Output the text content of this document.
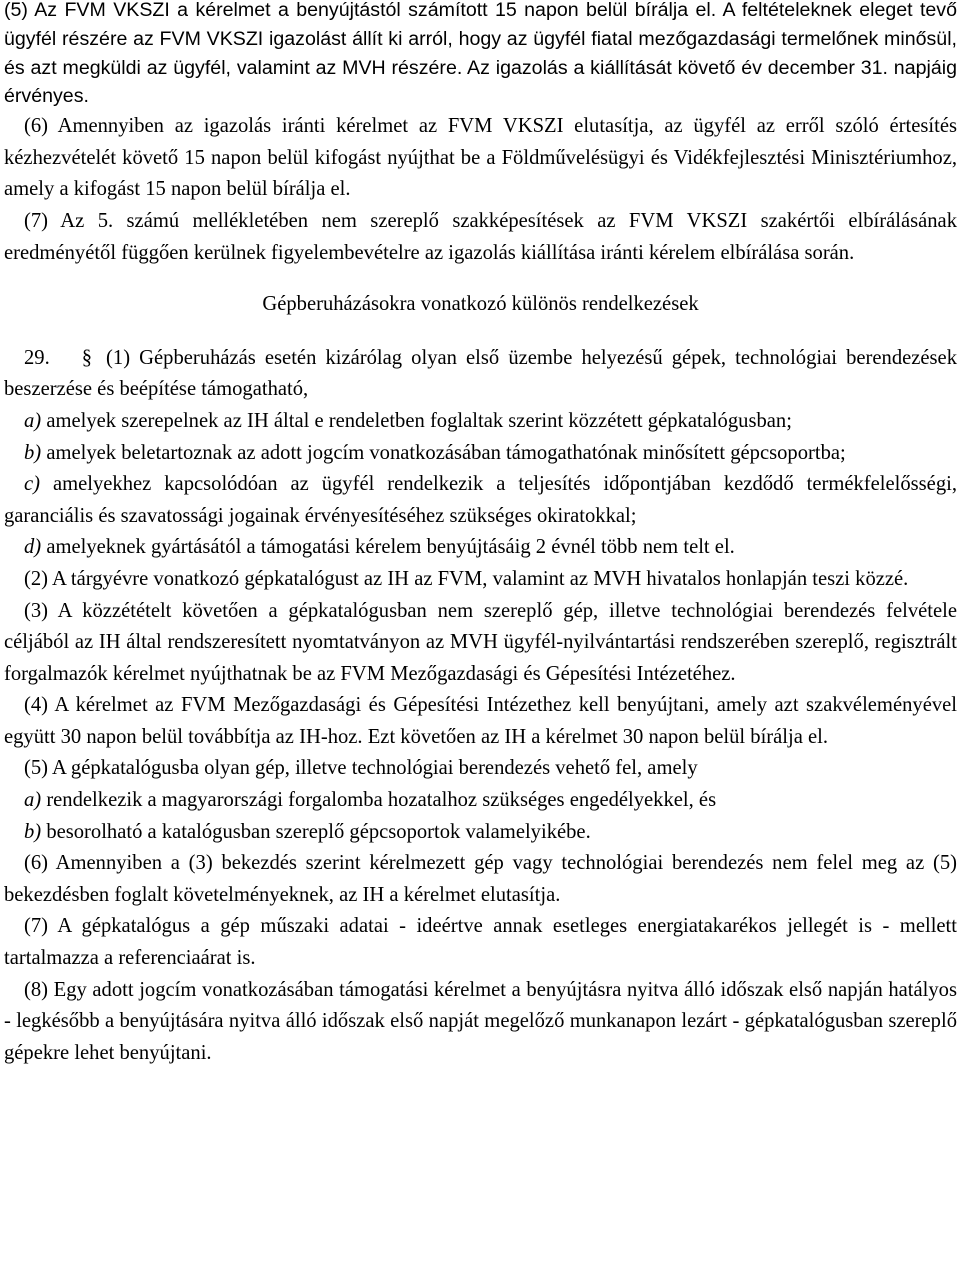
(5) Az FVM VKSZI a kérelmet a benyújtástól számított 15 napon belül bírálja el. A feltételeknek eleget tevő ügyfél részére az FVM VKSZI igazolást állít ki arról, hogy az ügyfél fiatal mezőgazdasági termelőnek minősül, és azt megküldi az ügyfél, valamint az MVH részére. Az igazolás a kiállítását követő év december 31. napjáig érvényes.

(6) Amennyiben az igazolás iránti kérelmet az FVM VKSZI elutasítja, az ügyfél az erről szóló értesítés kézhezvételét követő 15 napon belül kifogást nyújthat be a Földművelésügyi és Vidékfejlesztési Minisztériumhoz, amely a kifogást 15 napon belül bírálja el.

(7) Az 5. számú mellékletében nem szereplő szakképesítések az FVM VKSZI szakértői elbírálásának eredményétől függően kerülnek figyelembevételre az igazolás kiállítása iránti kérelem elbírálása során.

Gépberuházásokra vonatkozó különös rendelkezések

29. § (1) Gépberuházás esetén kizárólag olyan első üzembe helyezésű gépek, technológiai berendezések beszerzése és beépítése támogatható,

a) amelyek szerepelnek az IH által e rendeletben foglaltak szerint közzétett gépkatalógusban;

b) amelyek beletartoznak az adott jogcím vonatkozásában támogathatónak minősített gépcsoportba;

c) amelyekhez kapcsolódóan az ügyfél rendelkezik a teljesítés időpontjában kezdődő termékfelelősségi, garanciális és szavatossági jogainak érvényesítéséhez szükséges okiratokkal;

d) amelyeknek gyártásától a támogatási kérelem benyújtásáig 2 évnél több nem telt el.

(2) A tárgyévre vonatkozó gépkatalógust az IH az FVM, valamint az MVH hivatalos honlapján teszi közzé.

(3) A közzétételt követően a gépkatalógusban nem szereplő gép, illetve technológiai berendezés felvétele céljából az IH által rendszeresített nyomtatványon az MVH ügyfél-nyilvántartási rendszerében szereplő, regisztrált forgalmazók kérelmet nyújthatnak be az FVM Mezőgazdasági és Gépesítési Intézetéhez.

(4) A kérelmet az FVM Mezőgazdasági és Gépesítési Intézethez kell benyújtani, amely azt szakvéleményével együtt 30 napon belül továbbítja az IH-hoz. Ezt követően az IH a kérelmet 30 napon belül bírálja el.

(5) A gépkatalógusba olyan gép, illetve technológiai berendezés vehető fel, amely

a) rendelkezik a magyarországi forgalomba hozatalhoz szükséges engedélyekkel, és

b) besorolható a katalógusban szereplő gépcsoportok valamelyikébe.

(6) Amennyiben a (3) bekezdés szerint kérelmezett gép vagy technológiai berendezés nem felel meg az (5) bekezdésben foglalt követelményeknek, az IH a kérelmet elutasítja.

(7) A gépkatalógus a gép műszaki adatai - ideértve annak esetleges energiatakarékos jellegét is - mellett tartalmazza a referenciaárat is.

(8) Egy adott jogcím vonatkozásában támogatási kérelmet a benyújtásra nyitva álló időszak első napján hatályos - legkésőbb a benyújtására nyitva álló időszak első napját megelőző munkanapon lezárt - gépkatalógusban szereplő gépekre lehet benyújtani.
